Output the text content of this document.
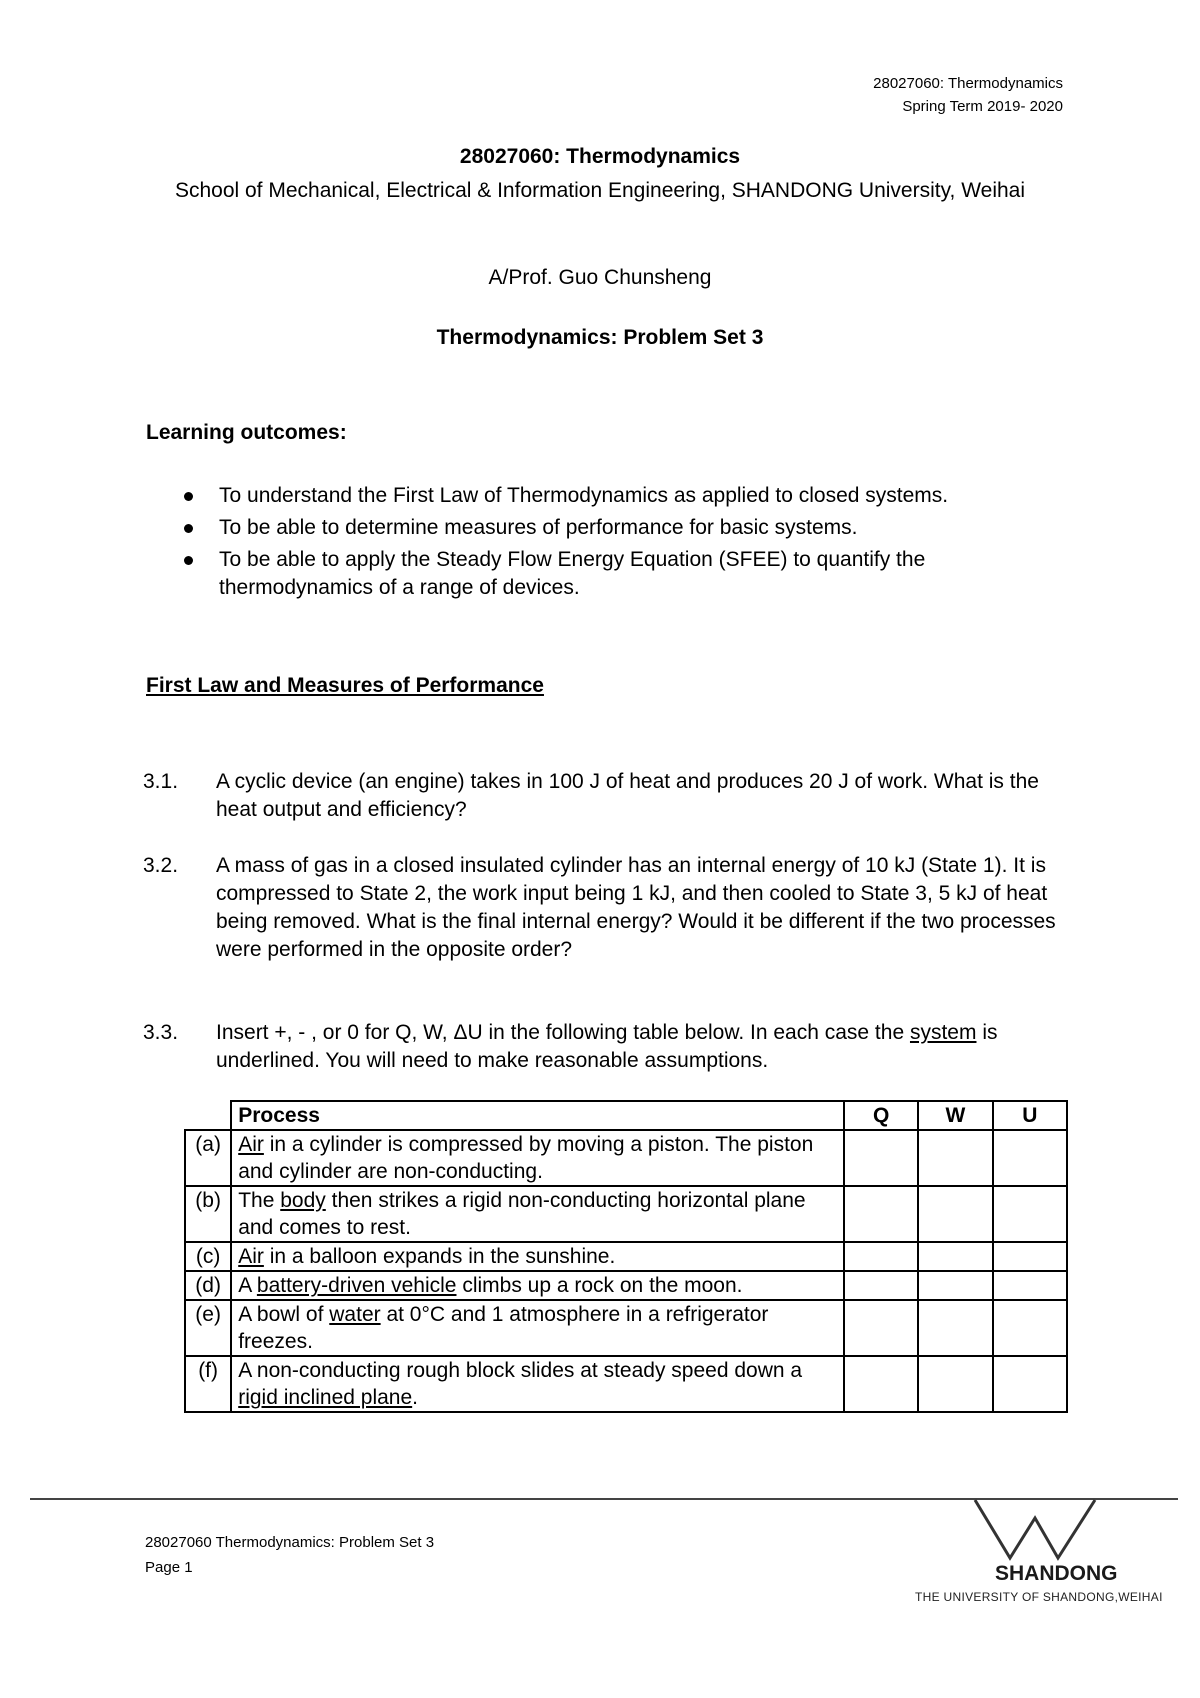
28027060: Thermodynamics
Spring Term 2019- 2020
28027060: Thermodynamics
School of Mechanical, Electrical & Information Engineering, SHANDONG University, Weihai
A/Prof. Guo Chunsheng
Thermodynamics: Problem Set 3
Learning outcomes:
To understand the First Law of Thermodynamics as applied to closed systems.
To be able to determine measures of performance for basic systems.
To be able to apply the Steady Flow Energy Equation (SFEE) to quantify the thermodynamics of a range of devices.
First Law and Measures of Performance
3.1. A cyclic device (an engine) takes in 100 J of heat and produces 20 J of work. What is the heat output and efficiency?
3.2. A mass of gas in a closed insulated cylinder has an internal energy of 10 kJ (State 1). It is compressed to State 2, the work input being 1 kJ, and then cooled to State 3, 5 kJ of heat being removed. What is the final internal energy? Would it be different if the two processes were performed in the opposite order?
3.3. Insert +, - , or 0 for Q, W, ΔU in the following table below. In each case the system is underlined. You will need to make reasonable assumptions.
	Process	Q	W	U
(a)	Air in a cylinder is compressed by moving a piston. The piston and cylinder are non-conducting.			
(b)	The body then strikes a rigid non-conducting horizontal plane and comes to rest.			
(c)	Air in a balloon expands in the sunshine.			
(d)	A battery-driven vehicle climbs up a rock on the moon.			
(e)	A bowl of water at 0°C and 1 atmosphere in a refrigerator freezes.			
(f)	A non-conducting rough block slides at steady speed down a rigid inclined plane.			
28027060 Thermodynamics: Problem Set 3
Page 1	SHANDONG
THE UNIVERSITY OF SHANDONG,WEIHAI
